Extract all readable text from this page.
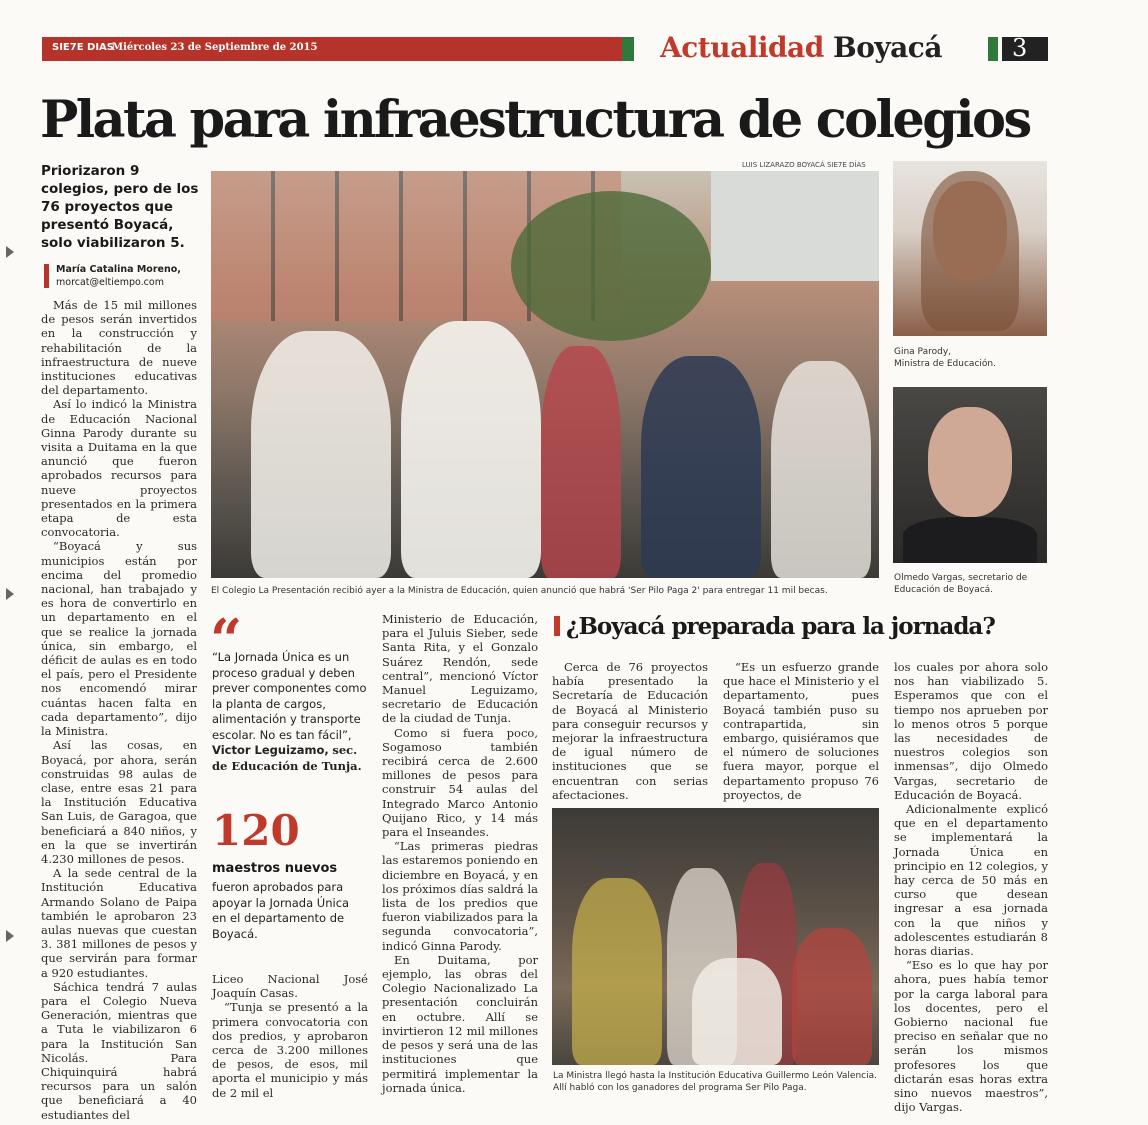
SIE7E DIAS
Miércoles 23 de Septiembre de 2015	Actualidad Boyacá	3
Plata para infraestructura de colegios
Priorizaron 9 colegios, pero de los 76 proyectos que presentó Boyacá, solo viabilizaron 5.
María Catalina Moreno,
morcat@eltiempo.com

Más de 15 mil millones de pesos serán invertidos en la construcción y rehabilitación de la infraestructura de nueve instituciones educativas del departamento.

Así lo indicó la Ministra de Educación Nacional Ginna Parody durante su visita a Duitama en la que anunció que fueron aprobados recursos para nueve proyectos presentados en la primera etapa de esta convocatoria.

“Boyacá y sus municipios están por encima del promedio nacional, han trabajado y es hora de convertirlo en un departamento en el que se realice la jornada única, sin embargo, el déficit de aulas es en todo el país, pero el Presidente nos encomendó mirar cuántas hacen falta en cada departamento”, dijo la Ministra.

Así las cosas, en Boyacá, por ahora, serán construidas 98 aulas de clase, entre esas 21 para la Institución Educativa San Luis, de Garagoa, que beneficiará a 840 niños, y en la que se invertirán 4.230 millones de pesos.

A la sede central de la Institución Educativa Armando Solano de Paipa también le aprobaron 23 aulas nuevas que cuestan 3. 381 millones de pesos y que servirán para formar a 920 estudiantes.

Sáchica tendrá 7 aulas para el Colegio Nueva Generación, mientras que a Tuta le viabilizaron 6 para la Institución San Nicolás. Para Chiquinquirá habrá recursos para un salón que beneficiará a 40 estudiantes del

LUIS LIZARAZO BOYACÁ SIE7E DÍAS
El Colegio La Presentación recibió ayer a la Ministra de Educación, quien anunció que habrá 'Ser Pilo Paga 2' para entregar 11 mil becas.
Gina Parody,
Ministra de Educación.
Olmedo Vargas, secretario de
Educación de Boyacá.
“
“La Jornada Única es un proceso gradual y deben prever componentes como la planta de cargos, alimentación y transporte escolar. No es tan fácil”, Victor Leguizamo, sec. de Educación de Tunja.
120
maestros nuevos
fueron aprobados para apoyar la Jornada Única en el departamento de Boyacá.

Liceo Nacional José Joaquín Casas.

“Tunja se presentó a la primera convocatoria con dos predios, y aprobaron cerca de 3.200 millones de pesos, de esos, mil aporta el municipio y más de 2 mil el

Ministerio de Educación, para el Juluis Sieber, sede Santa Rita, y el Gonzalo Suárez Rendón, sede central”, mencionó Víctor Manuel Leguizamo, secretario de Educación de la ciudad de Tunja.

Como si fuera poco, Sogamoso también recibirá cerca de 2.600 millones de pesos para construir 54 aulas del Integrado Marco Antonio Quijano Rico, y 14 más para el Inseandes.

“Las primeras piedras las estaremos poniendo en diciembre en Boyacá, y en los próximos días saldrá la lista de los predios que fueron viabilizados para la segunda convocatoria”, indicó Ginna Parody.

En Duitama, por ejemplo, las obras del Colegio Nacionalizado La presentación concluirán en octubre. Allí se invirtieron 12 mil millones de pesos y será una de las instituciones que permitirá implementar la jornada única.

¿Boyacá preparada para la jornada?

Cerca de 76 proyectos había presentado la Secretaría de Educación de Boyacá al Ministerio para conseguir recursos y mejorar la infraestructura de igual número de instituciones que se encuentran con serias afectaciones.

“Es un esfuerzo grande que hace el Ministerio y el departamento, pues Boyacá también puso su contrapartida, sin embargo, quisiéramos que el número de soluciones fuera mayor, porque el departamento propuso 76 proyectos, de

La Ministra llegó hasta la Institución Educativa Guillermo León Valencia.
Allí habló con los ganadores del programa Ser Pilo Paga.

los cuales por ahora solo nos han viabilizado 5. Esperamos que con el tiempo nos aprueben por lo menos otros 5 porque las necesidades de nuestros colegios son inmensas”, dijo Olmedo Vargas, secretario de Educación de Boyacá.

Adicionalmente explicó que en el departamento se implementará la Jornada Única en principio en 12 colegios, y hay cerca de 50 más en curso que desean ingresar a esa jornada con la que niños y adolescentes estudiarán 8 horas diarias.

“Eso es lo que hay por ahora, pues había temor por la carga laboral para los docentes, pero el Gobierno nacional fue preciso en señalar que no serán los mismos profesores los que dictarán esas horas extra sino nuevos maestros”, dijo Vargas.
